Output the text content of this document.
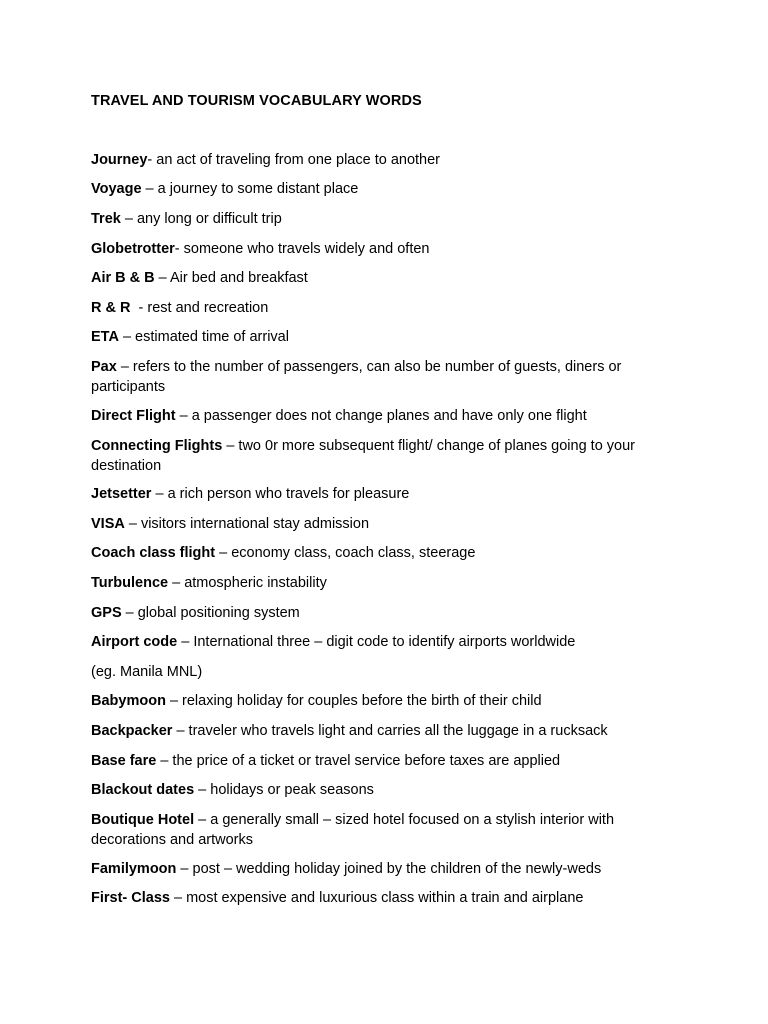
TRAVEL AND TOURISM VOCABULARY WORDS
Journey- an act of traveling from one place to another
Voyage – a journey to some distant place
Trek – any long or difficult trip
Globetrotter- someone who travels widely and often
Air B & B – Air bed and breakfast
R & R  - rest and recreation
ETA – estimated time of arrival
Pax – refers to the number of passengers, can also be number of guests, diners or participants
Direct Flight – a passenger does not change planes and have only one flight
Connecting Flights – two 0r more subsequent flight/ change of planes going to your destination
Jetsetter – a rich person who travels for pleasure
VISA – visitors international stay admission
Coach class flight – economy class, coach class, steerage
Turbulence – atmospheric instability
GPS – global positioning system
Airport code – International three – digit code to identify airports worldwide
(eg. Manila MNL)
Babymoon – relaxing holiday for couples before the birth of their child
Backpacker – traveler who travels light and carries all the luggage in a rucksack
Base fare – the price of a ticket or travel service before taxes are applied
Blackout dates – holidays or peak seasons
Boutique Hotel – a generally small – sized hotel focused on a stylish interior with decorations and artworks
Familymoon – post – wedding holiday joined by the children of the newly-weds
First- Class – most expensive and luxurious class within a train and airplane
